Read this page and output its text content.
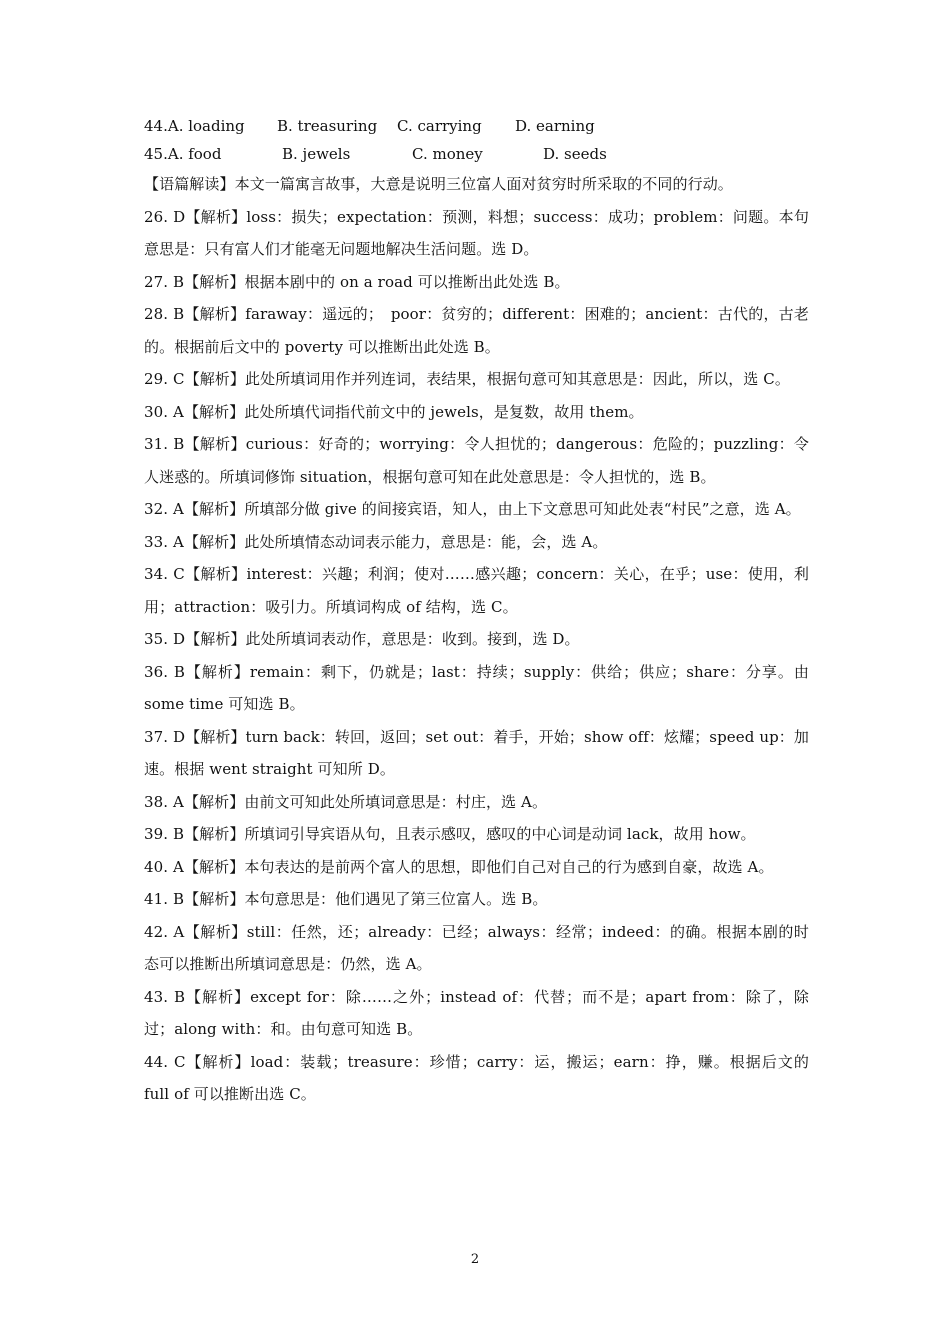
44.A. loading	B. treasuring	C. carrying	D. earning
45.A. food	B. jewels	C. money	D. seeds

【语篇解读】本文一篇寓言故事，大意是说明三位富人面对贫穷时所采取的不同的行动。

26. D【解析】loss：损失；expectation：预测，料想；success：成功；problem：问题。本句意思是：只有富人们才能毫无问题地解决生活问题。选 D。

27. B【解析】根据本剧中的 on a road 可以推断出此处选 B。

28. B【解析】faraway：遥远的；　poor：贫穷的；different：困难的；ancient：古代的，古老的。根据前后文中的 poverty 可以推断出此处选 B。

29. C【解析】此处所填词用作并列连词，表结果，根据句意可知其意思是：因此，所以，选 C。

30. A【解析】此处所填代词指代前文中的 jewels，是复数，故用 them。

31. B【解析】curious：好奇的；worrying：令人担忧的；dangerous：危险的；puzzling：令人迷惑的。所填词修饰 situation，根据句意可知在此处意思是：令人担忧的，选 B。

32. A【解析】所填部分做 give 的间接宾语，知人，由上下文意思可知此处表“村民”之意，选 A。

33. A【解析】此处所填情态动词表示能力，意思是：能，会，选 A。

34. C【解析】interest：兴趣；利润；使对……感兴趣；concern：关心，在乎；use：使用，利用；attraction：吸引力。所填词构成 of 结构，选 C。

35. D【解析】此处所填词表动作，意思是：收到。接到，选 D。

36. B【解析】remain：剩下，仍就是；last：持续；supply：供给；供应；share：分享。由 some time 可知选 B。

37. D【解析】turn back：转回，返回；set out：着手，开始；show off：炫耀；speed up：加速。根据 went straight 可知所 D。

38. A【解析】由前文可知此处所填词意思是：村庄，选 A。

39. B【解析】所填词引导宾语从句，且表示感叹，感叹的中心词是动词 lack，故用 how。

40. A【解析】本句表达的是前两个富人的思想，即他们自己对自己的行为感到自豪，故选 A。

41. B【解析】本句意思是：他们遇见了第三位富人。选 B。

42. A【解析】still：任然，还；already：已经；always：经常；indeed：的确。根据本剧的时态可以推断出所填词意思是：仍然，选 A。

43. B【解析】except for：除……之外；instead of：代替；而不是；apart from：除了，除过；along with：和。由句意可知选 B。

44. C【解析】load：装载；treasure：珍惜；carry：运，搬运；earn：挣，赚。根据后文的 full of 可以推断出选 C。

2
